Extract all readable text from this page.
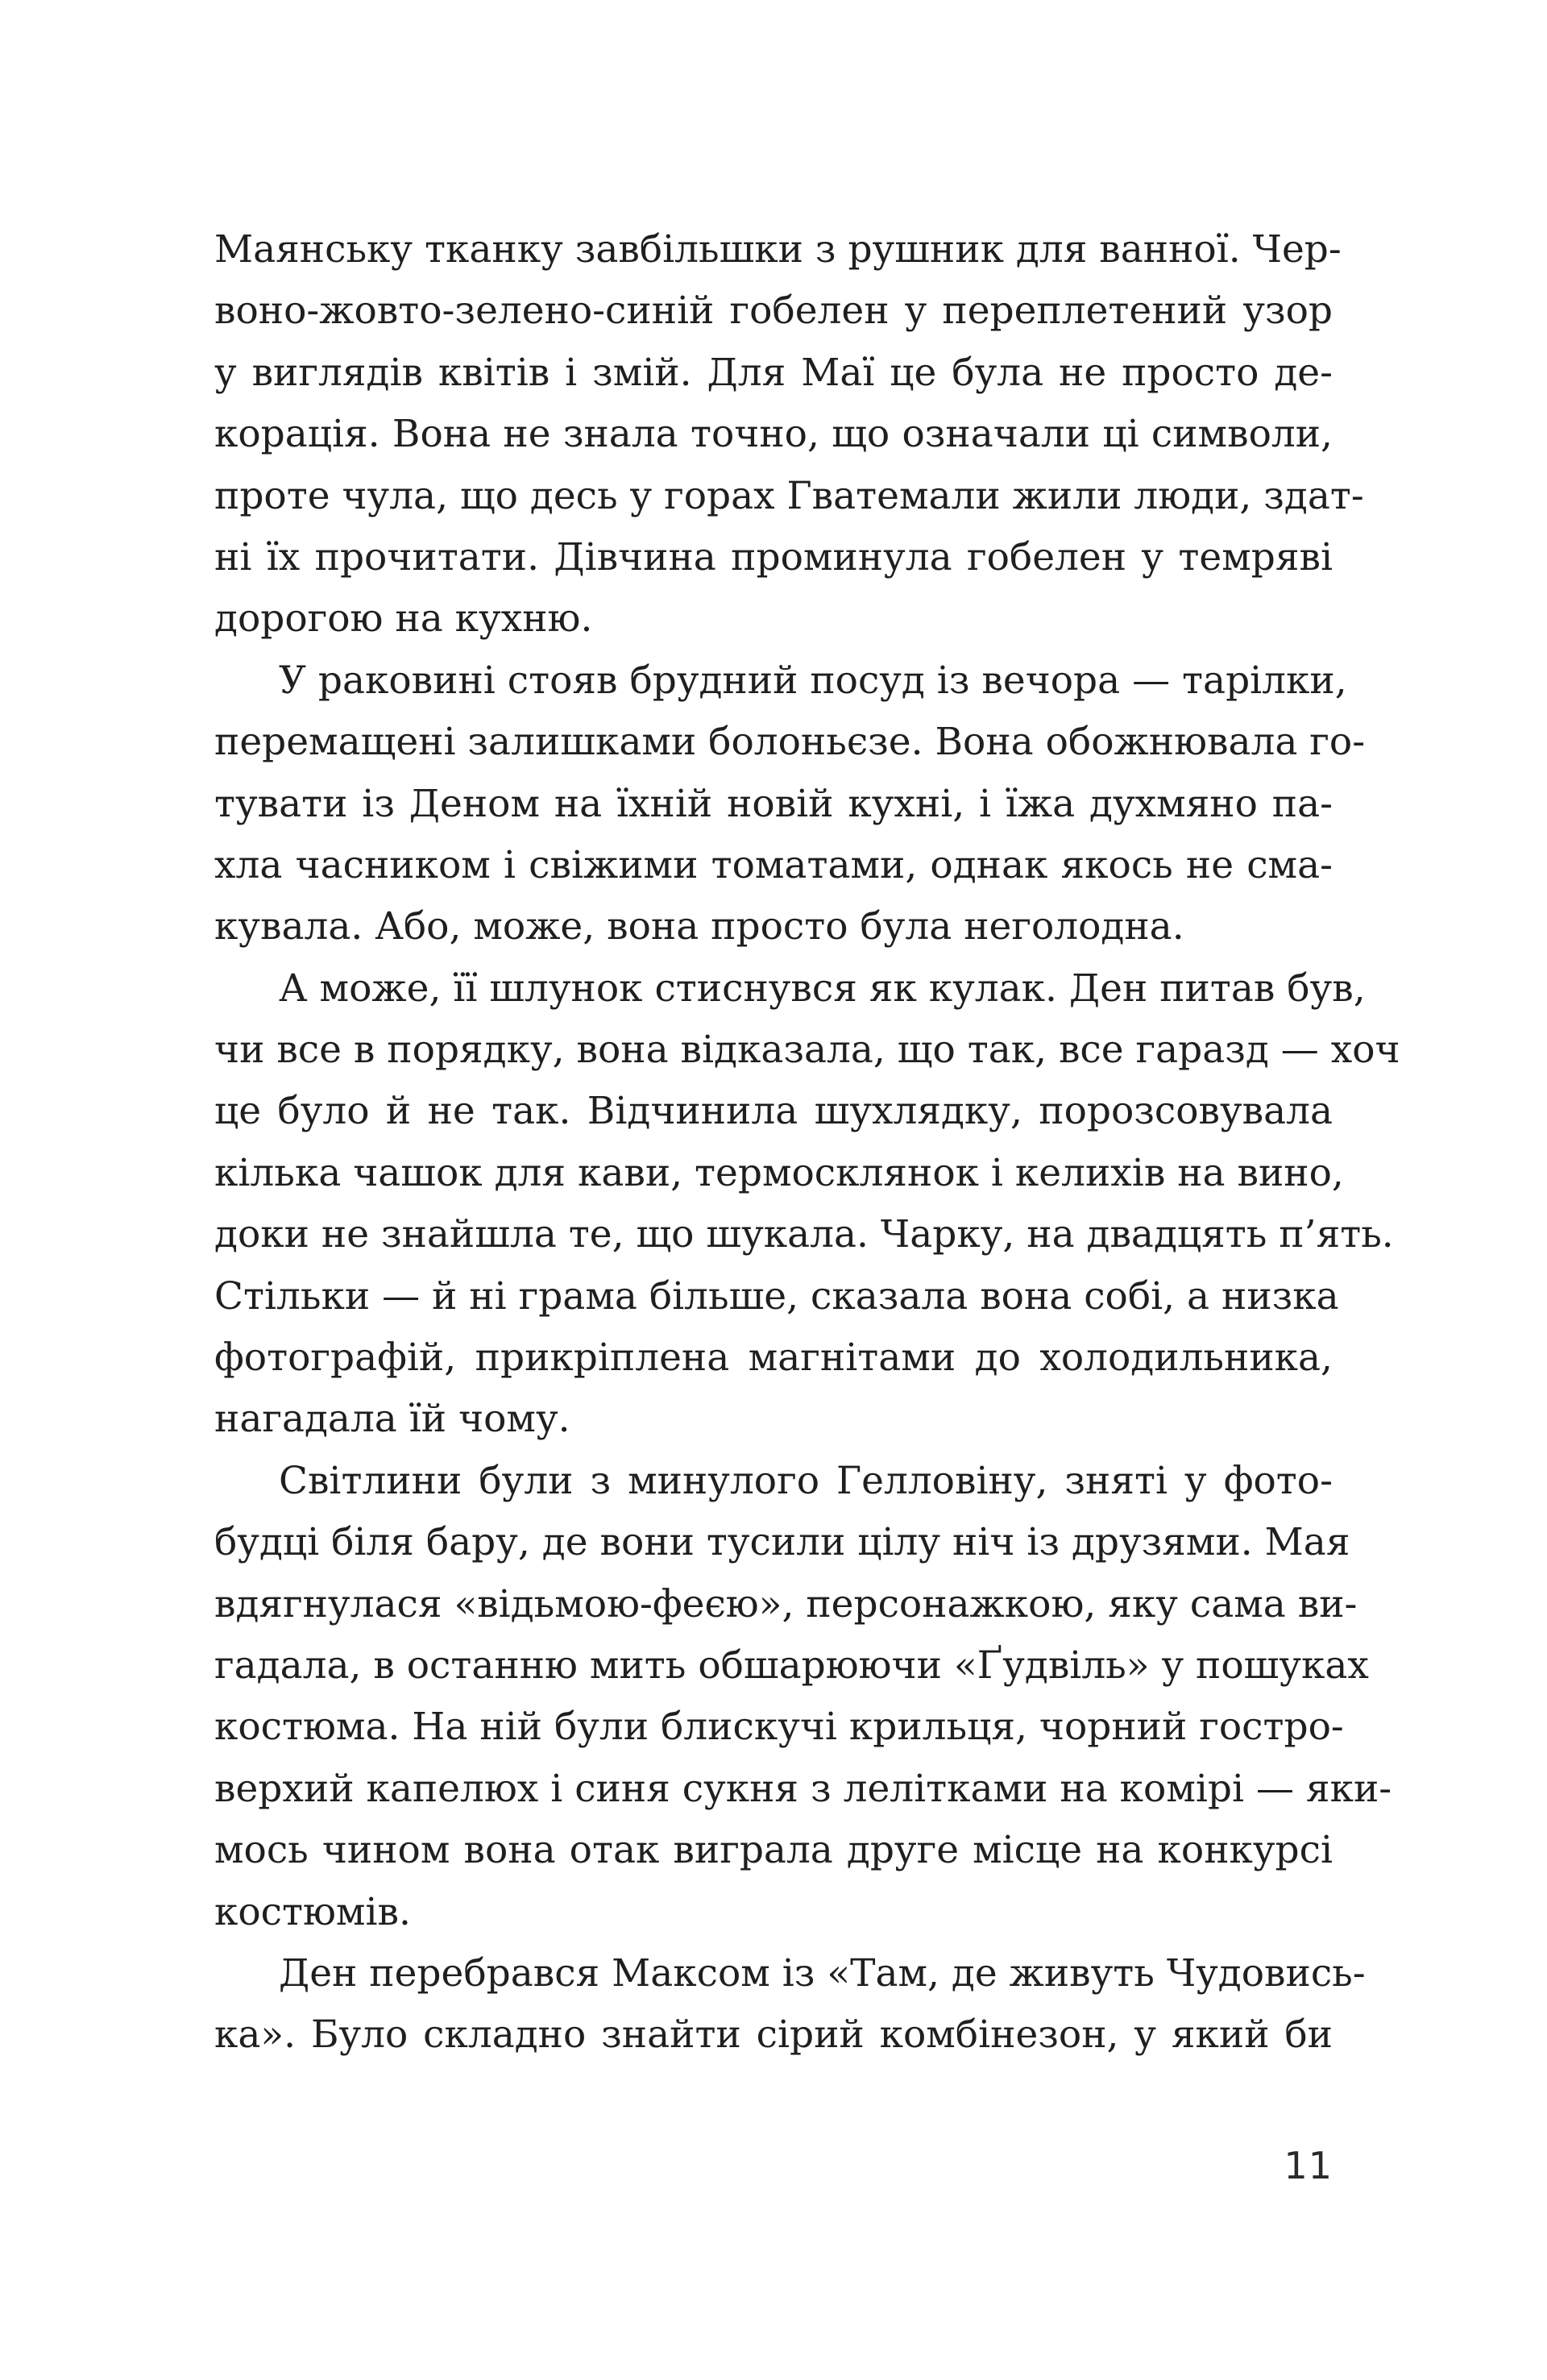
Маянську тканку завбільшки з рушник для ванної. Чер-
воно-жовто-зелено-синій гобелен у переплетений узор
у виглядів квітів і змій. Для Маї це була не просто де-
корація. Вона не знала точно, що означали ці символи,
проте чула, що десь у горах Гватемали жили люди, здат-
ні їх прочитати. Дівчина проминула гобелен у темряві
дорогою на кухню.
У раковині стояв брудний посуд із вечора — тарілки,
перемащені залишками болоньєзе. Вона обожнювала го-
тувати із Деном на їхній новій кухні, і їжа духмяно па-
хла часником і свіжими томатами, однак якось не сма-
кувала. Або, може, вона просто була неголодна.
А може, її шлунок стиснувся як кулак. Ден питав був,
чи все в порядку, вона відказала, що так, все гаразд — хоч
це було й не так. Відчинила шухлядку, порозсовувала
кілька чашок для кави, термосклянок і келихів на вино,
доки не знайшла те, що шукала. Чарку, на двадцять п’ять.
Стільки — й ні грама більше, сказала вона собі, а низка
фотографій, прикріплена магнітами до холодильника,
нагадала їй чому.
Світлини були з минулого Гелловіну, зняті у фото-
будці біля бару, де вони тусили цілу ніч із друзями. Мая
вдягнулася «відьмою-феєю», персонажкою, яку сама ви-
гадала, в останню мить обшарюючи «Ґудвіль» у пошуках
костюма. На ній були блискучі крильця, чорний гостро-
верхий капелюх і синя сукня з лелітками на комірі — яки-
мось чином вона отак виграла друге місце на конкурсі
костюмів.
Ден перебрався Максом із «Там, де живуть Чудовись-
ка». Було складно знайти сірий комбінезон, у який би
11
